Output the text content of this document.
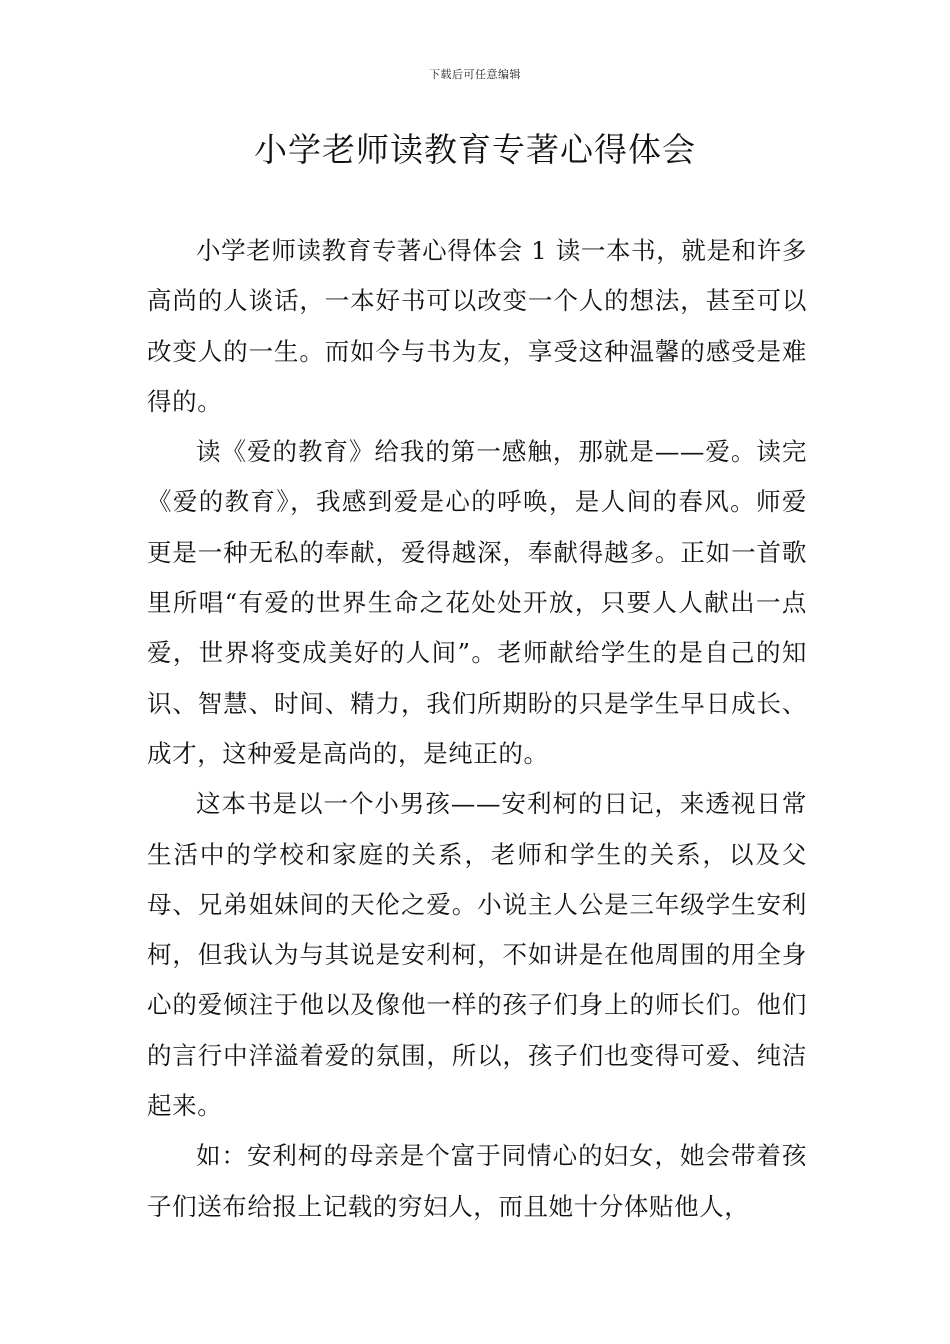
下载后可任意编辑
小学老师读教育专著心得体会

小学老师读教育专著心得体会 1 读一本书，就是和许多高尚的人谈话，一本好书可以改变一个人的想法，甚至可以改变人的一生。而如今与书为友，享受这种温馨的感受是难得的。

读《爱的教育》给我的第一感触，那就是——爱。读完《爱的教育》，我感到爱是心的呼唤，是人间的春风。师爱更是一种无私的奉献，爱得越深，奉献得越多。正如一首歌里所唱“有爱的世界生命之花处处开放，只要人人献出一点爱，世界将变成美好的人间”。老师献给学生的是自己的知识、智慧、时间、精力，我们所期盼的只是学生早日成长、成才，这种爱是高尚的，是纯正的。

这本书是以一个小男孩——安利柯的日记，来透视日常生活中的学校和家庭的关系，老师和学生的关系，以及父母、兄弟姐妹间的天伦之爱。小说主人公是三年级学生安利柯，但我认为与其说是安利柯，不如讲是在他周围的用全身心的爱倾注于他以及像他一样的孩子们身上的师长们。他们的言行中洋溢着爱的氛围，所以，孩子们也变得可爱、纯洁起来。

如：安利柯的母亲是个富于同情心的妇女，她会带着孩子们送布给报上记载的穷妇人，而且她十分体贴他人，
